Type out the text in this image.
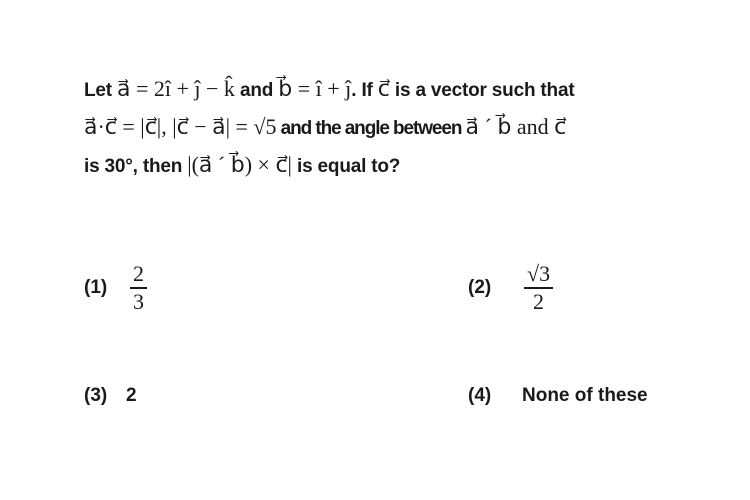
Let a⃗ = 2î + ĵ − k̂ and b⃗ = î + ĵ. If c⃗ is a vector such that
a⃗·c⃗ = |c⃗|, |c⃗ − a⃗| = √5 and the angle between a⃗ ´ b⃗ and c⃗
is 30°, then |(a⃗ ´ b⃗) × c⃗| is equal to?
(1)	$\frac{2}{3}$	(2)	$\frac{√3}{2}$
(3) 2	(4)	None of these
